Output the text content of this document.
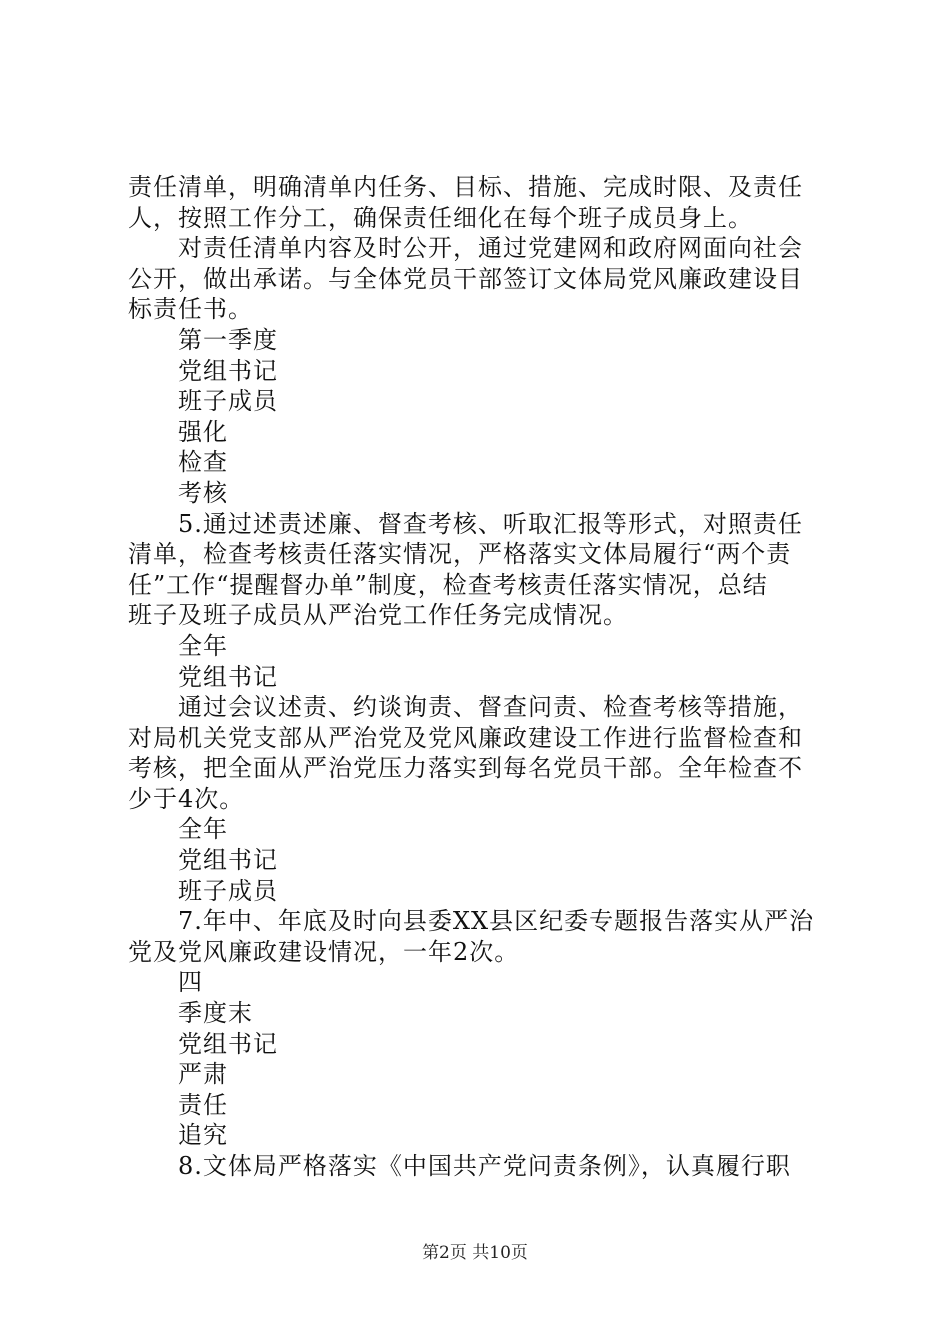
责任清单，明确清单内任务、目标、措施、完成时限、及责任
人，按照工作分工，确保责任细化在每个班子成员身上。
对责任清单内容及时公开，通过党建网和政府网面向社会
公开，做出承诺。与全体党员干部签订文体局党风廉政建设目
标责任书。
第一季度
党组书记
班子成员
强化
检查
考核
5.通过述责述廉、督查考核、听取汇报等形式，对照责任
清单，检查考核责任落实情况，严格落实文体局履行“两个责
任”工作“提醒督办单”制度，检查考核责任落实情况，总结
班子及班子成员从严治党工作任务完成情况。
全年
党组书记
通过会议述责、约谈询责、督查问责、检查考核等措施，
对局机关党支部从严治党及党风廉政建设工作进行监督检查和
考核，把全面从严治党压力落实到每名党员干部。全年检查不
少于4次。
全年
党组书记
班子成员
7.年中、年底及时向县委XX县区纪委专题报告落实从严治
党及党风廉政建设情况，一年2次。
四
季度末
党组书记
严肃
责任
追究
8.文体局严格落实《中国共产党问责条例》，认真履行职
第2页 共10页
